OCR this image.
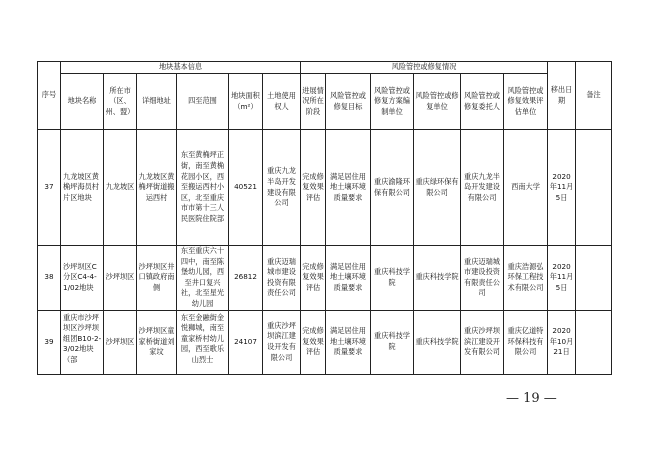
序号	地块基本信息						风险管控或修复情况						移出日期	备注
	地块名称	所在市（区、州、盟）	详细地址	四至范围	地块面积（m²）	土地使用权人	进展情况所在阶段	风险管控或修复目标	风险管控或修复方案编制单位	风险管控或修复单位	风险管控或修复委托人	风险管控或修复效果评估单位		
37	九龙坡区黄桷坪海员村片区地块	九龙坡区	九龙坡区黄桷坪街道搬运西村	东至黄桷坪正街，南至黄桷花园小区，西至搬运西村小区，北至重庆市市第十三人民医院住院部	40521	重庆九龙半岛开发建设有限公司	完成修复效果评估	满足居住用地土壤环境质量要求	重庆渝隆环保有限公司	重庆绿环保有限公司	重庆九龙半岛开发建设有限公司	西南大学	2020年11月5日	
38	沙坪坝区C分区C4-4-1/02地块	沙坪坝区	沙坪坝区井口镇政府南侧	东至重庆六十四中，南至陈堡幼儿园，西至井口复兴社，北至星光幼儿园	26812	重庆迈瑞城市建设投资有限责任公司	完成修复效果评估	满足居住用地土壤环境质量要求	重庆科技学院	重庆科技学院	重庆迈瑞城市建设投资有限责任公司	重庆浩源弘环保工程技术有限公司	2020年11月5日	
39	重庆市沙坪坝区沙坪坝组团B10-2-3/02地块（部	沙坪坝区	沙坪坝区童家桥街道刘家坟	东至金融街金悦狮城，南至童家桥村幼儿园，西至歌乐山烈士	24107	重庆沙坪坝滨江建设开发有限公司	完成修复效果评估	满足居住用地土壤环境质量要求	重庆科技学院	重庆科技学院	重庆沙坪坝滨江建设开发有限公司	重庆亿道特环保科技有限公司	2020年10月21日	
— 19 —
